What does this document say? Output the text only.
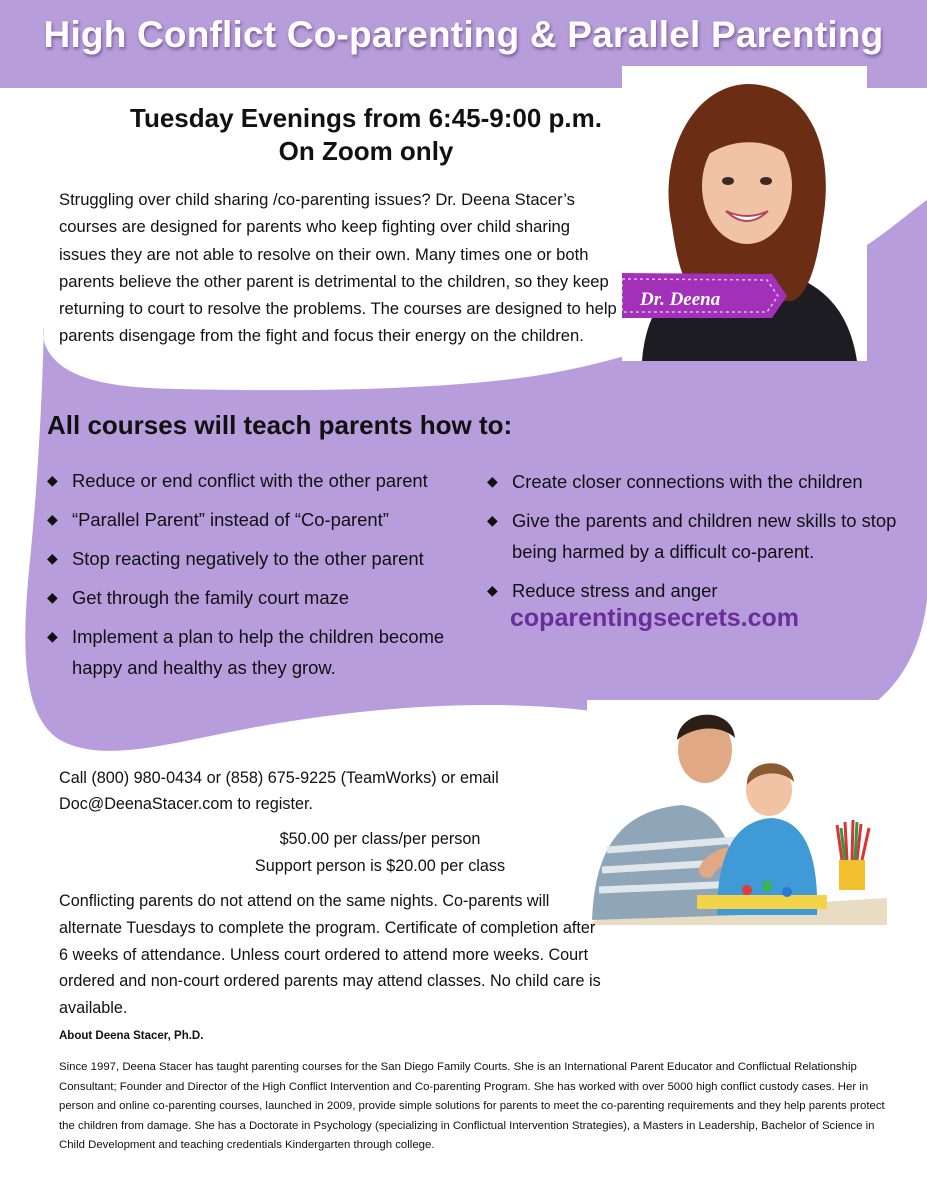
High Conflict Co-parenting & Parallel Parenting
Tuesday Evenings from 6:45-9:00 p.m.
On Zoom only

Struggling over child sharing /co-parenting issues? Dr. Deena Stacer’s courses are designed for parents who keep fighting over child sharing issues they are not able to resolve on their own. Many times one or both parents believe the other parent is detrimental to the children, so they keep returning to court to resolve the problems. The courses are designed to help parents disengage from the fight and focus their energy on the children.

Dr. Deena
All courses will teach parents how to:
◆ Reduce or end conflict with the other parent
◆ “Parallel Parent” instead of “Co-parent”
◆ Stop reacting negatively to the other parent
◆ Get through the family court maze
◆ Implement a plan to help the children become happy and healthy as they grow.
◆ Create closer connections with the children
◆ Give the parents and children new skills to stop being harmed by a difficult co-parent.
◆ Reduce stress and anger
coparentingsecrets.com

Call (800) 980-0434 or (858) 675-9225 (TeamWorks) or email Doc@DeenaStacer.com to register.

$50.00 per class/per person
Support person is $20.00 per class

Conflicting parents do not attend on the same nights. Co-parents will alternate Tuesdays to complete the program. Certificate of completion after 6 weeks of attendance. Unless court ordered to attend more weeks. Court ordered and non-court ordered parents may attend classes. No child care is available.

About Deena Stacer, Ph.D.

Since 1997, Deena Stacer has taught parenting courses for the San Diego Family Courts. She is an International Parent Educator and Conflictual Relationship Consultant; Founder and Director of the High Conflict Intervention and Co-parenting Program. She has worked with over 5000 high conflict custody cases. Her in person and online co-parenting courses, launched in 2009, provide simple solutions for parents to meet the co-parenting requirements and they help parents protect the children from damage. She has a Doctorate in Psychology (specializing in Conflictual Intervention Strategies), a Masters in Leadership, Bachelor of Science in Child Development and teaching credentials Kindergarten through college.
